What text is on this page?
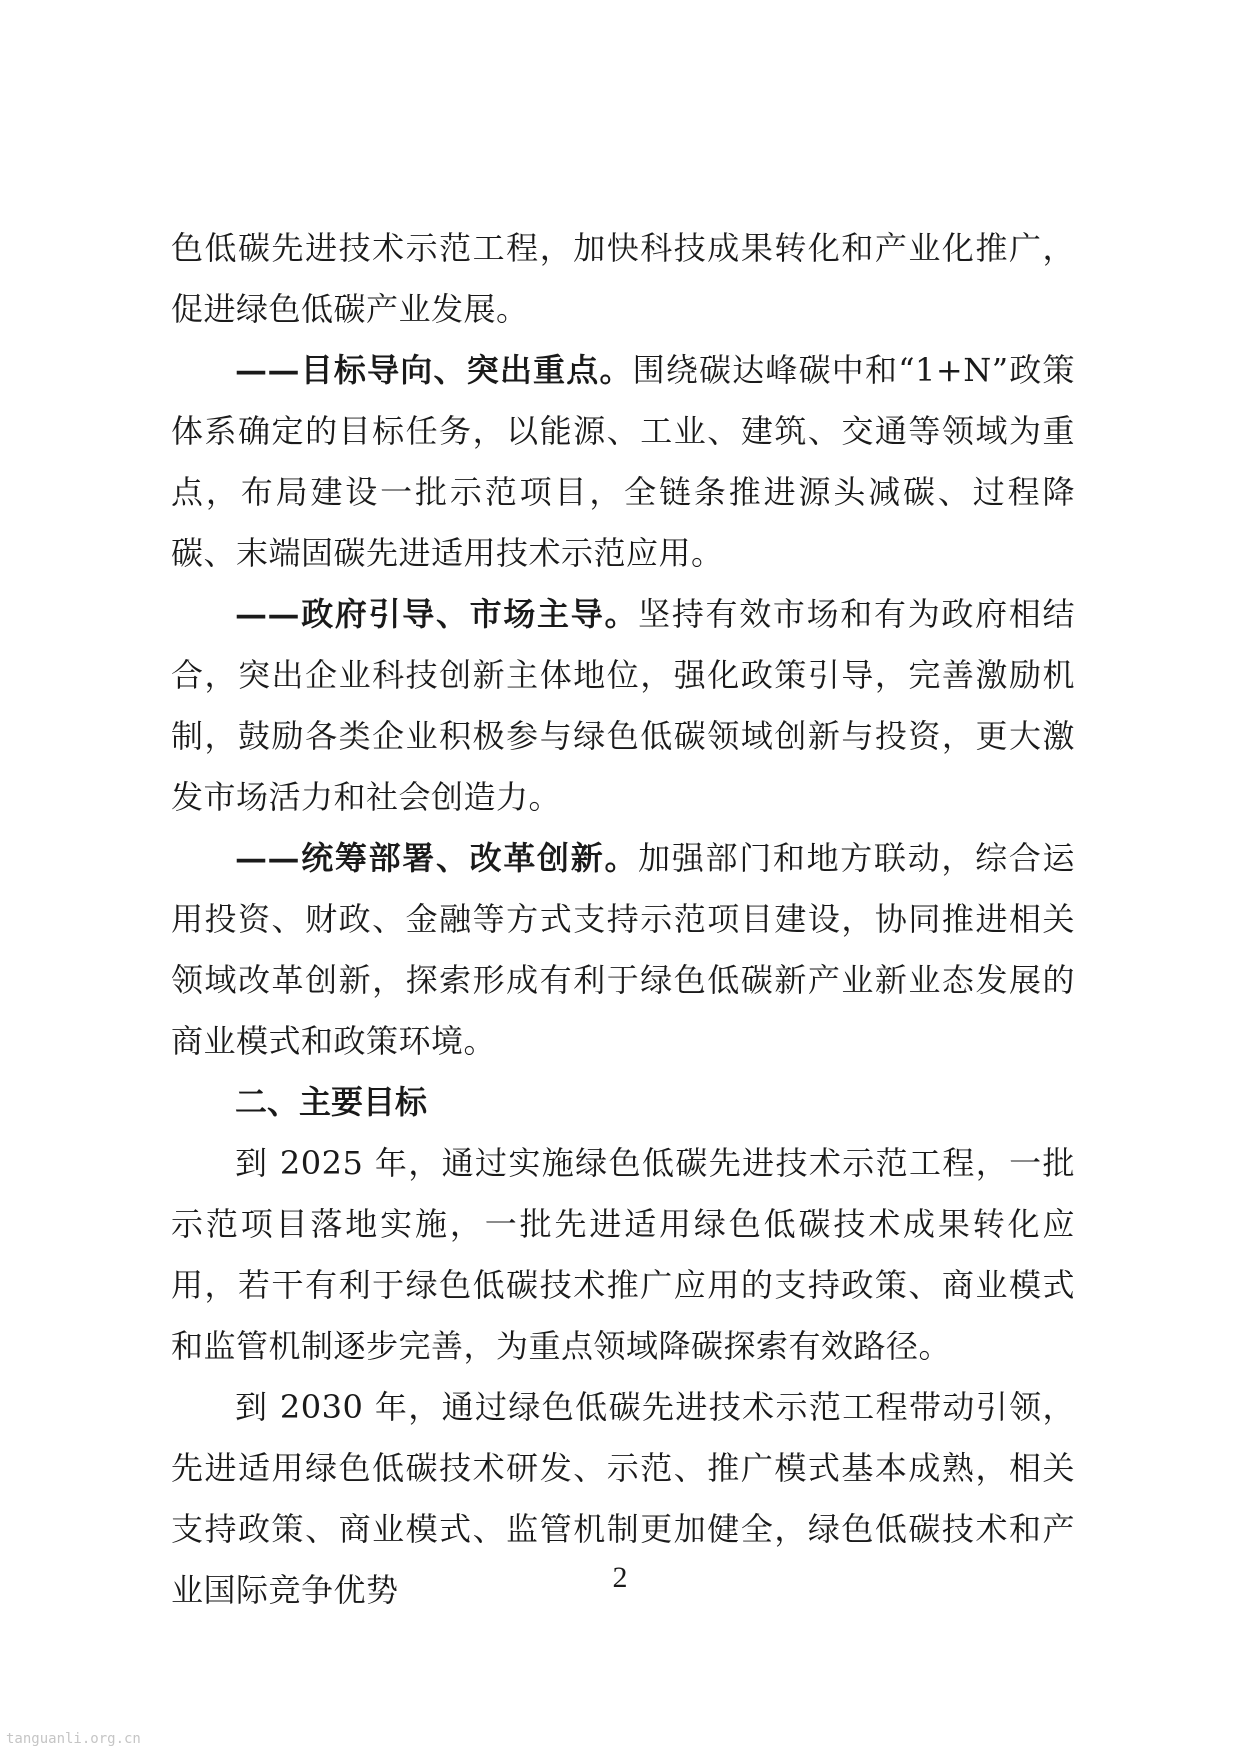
色低碳先进技术示范工程，加快科技成果转化和产业化推广，促进绿色低碳产业发展。

——目标导向、突出重点。围绕碳达峰碳中和“1+N”政策体系确定的目标任务，以能源、工业、建筑、交通等领域为重点，布局建设一批示范项目，全链条推进源头减碳、过程降碳、末端固碳先进适用技术示范应用。

——政府引导、市场主导。坚持有效市场和有为政府相结合，突出企业科技创新主体地位，强化政策引导，完善激励机制，鼓励各类企业积极参与绿色低碳领域创新与投资，更大激发市场活力和社会创造力。

——统筹部署、改革创新。加强部门和地方联动，综合运用投资、财政、金融等方式支持示范项目建设，协同推进相关领域改革创新，探索形成有利于绿色低碳新产业新业态发展的商业模式和政策环境。

二、主要目标

到 2025 年，通过实施绿色低碳先进技术示范工程，一批示范项目落地实施，一批先进适用绿色低碳技术成果转化应用，若干有利于绿色低碳技术推广应用的支持政策、商业模式和监管机制逐步完善，为重点领域降碳探索有效路径。

到 2030 年，通过绿色低碳先进技术示范工程带动引领，先进适用绿色低碳技术研发、示范、推广模式基本成熟，相关支持政策、商业模式、监管机制更加健全，绿色低碳技术和产业国际竞争优势	2
tanguanli.org.cn
